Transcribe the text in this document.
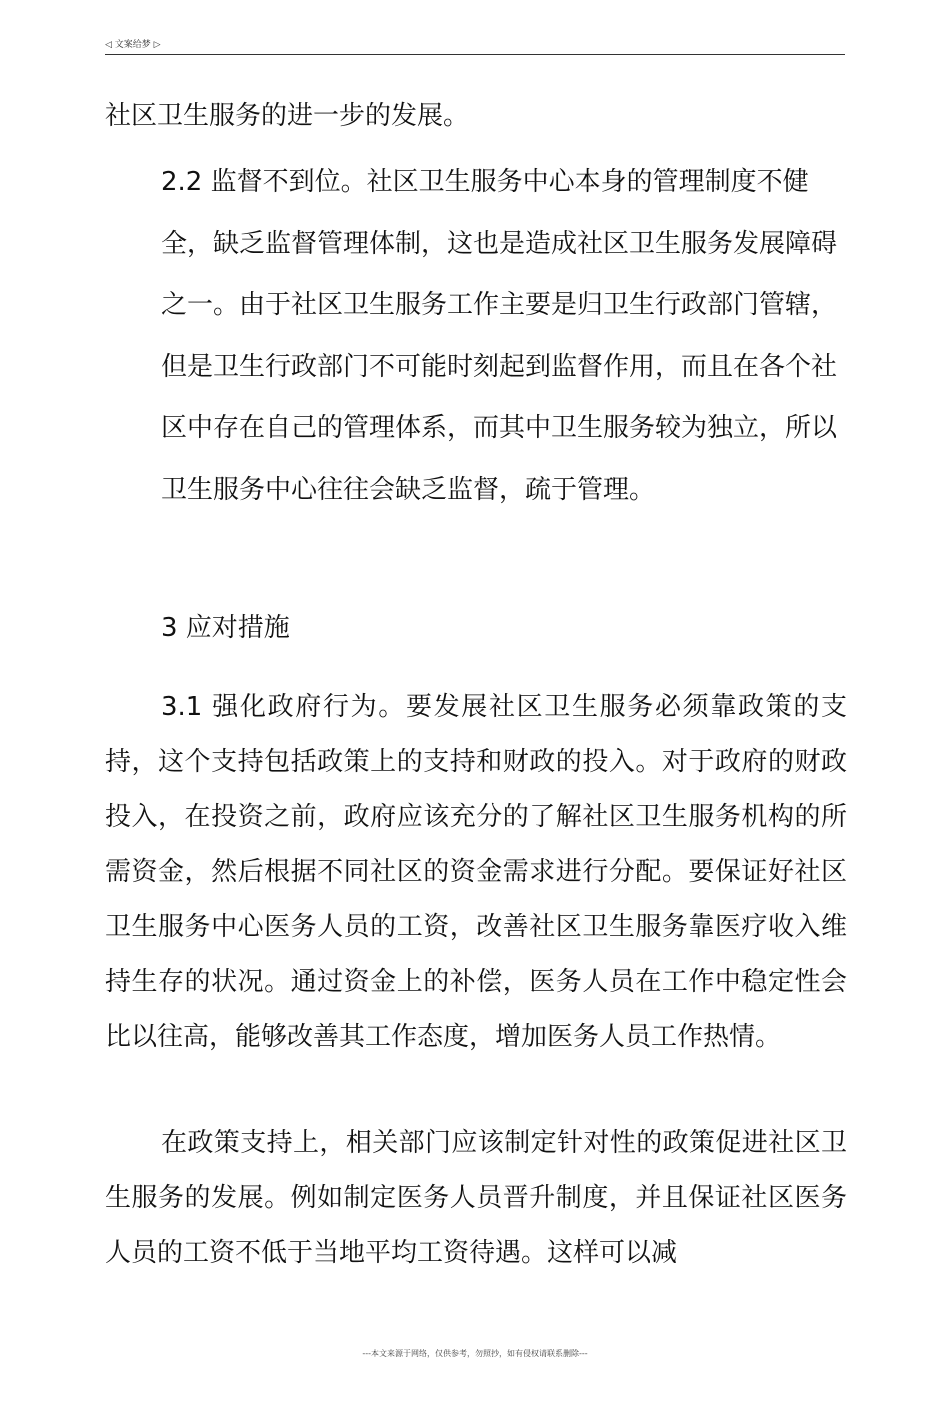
◁ 文案给梦 ▷

社区卫生服务的进一步的发展。

2.2 监督不到位。社区卫生服务中心本身的管理制度不健全，缺乏监督管理体制，这也是造成社区卫生服务发展障碍之一。由于社区卫生服务工作主要是归卫生行政部门管辖，但是卫生行政部门不可能时刻起到监督作用，而且在各个社区中存在自己的管理体系，而其中卫生服务较为独立，所以卫生服务中心往往会缺乏监督，疏于管理。

3 应对措施

3.1 强化政府行为。要发展社区卫生服务必须靠政策的支持，这个支持包括政策上的支持和财政的投入。对于政府的财政投入，在投资之前，政府应该充分的了解社区卫生服务机构的所需资金，然后根据不同社区的资金需求进行分配。要保证好社区卫生服务中心医务人员的工资，改善社区卫生服务靠医疗收入维持生存的状况。通过资金上的补偿，医务人员在工作中稳定性会比以往高，能够改善其工作态度，增加医务人员工作热情。

在政策支持上，相关部门应该制定针对性的政策促进社区卫生服务的发展。例如制定医务人员晋升制度，并且保证社区医务人员的工资不低于当地平均工资待遇。这样可以减

---本文来源于网络，仅供参考，勿照抄，如有侵权请联系删除---
